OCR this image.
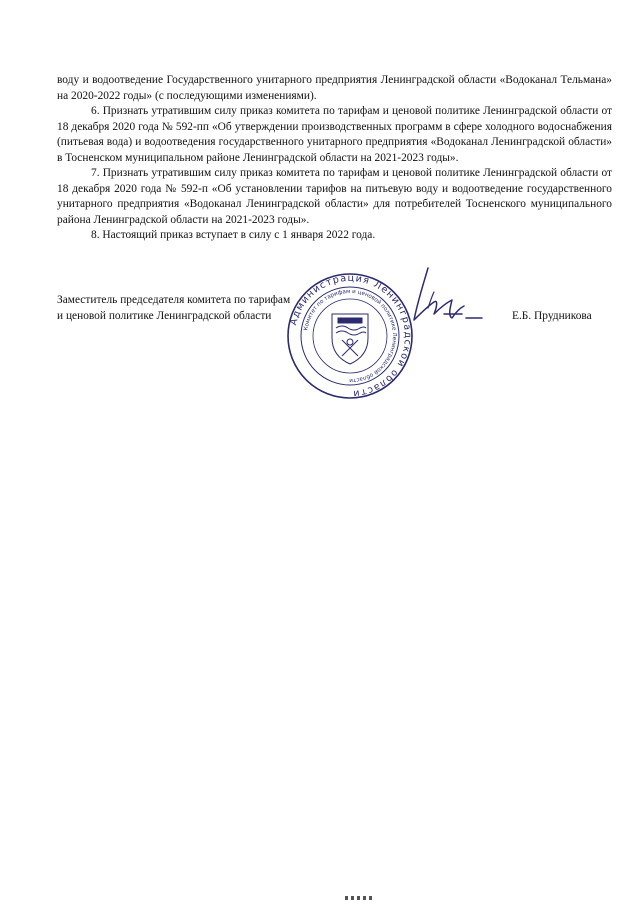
воду и водоотведение Государственного унитарного предприятия Ленинградской области «Водоканал Тельмана» на 2020-2022 годы» (с последующими изменениями).

6. Признать утратившим силу приказ комитета по тарифам и ценовой политике Ленинградской области от 18 декабря 2020 года № 592-пп «Об утверждении производственных программ в сфере холодного водоснабжения (питьевая вода) и водоотведения государственного унитарного предприятия «Водоканал Ленинградской области» в Тосненском муниципальном районе Ленинградской области на 2021-2023 годы».

7. Признать утратившим силу приказ комитета по тарифам и ценовой политике Ленинградской области от 18 декабря 2020 года № 592-п «Об установлении тарифов на питьевую воду и водоотведение государственного унитарного предприятия «Водоканал Ленинградской области» для потребителей Тосненского муниципального района Ленинградской области на 2021-2023 годы».

8. Настоящий приказ вступает в силу с 1 января 2022 года.

Заместитель председателя комитета по тарифам
и ценовой политике Ленинградской области	Администрация Ленинградской области
Комитет по тарифам и ценовой политике Ленинградской области
Е.Б. Прудникова
